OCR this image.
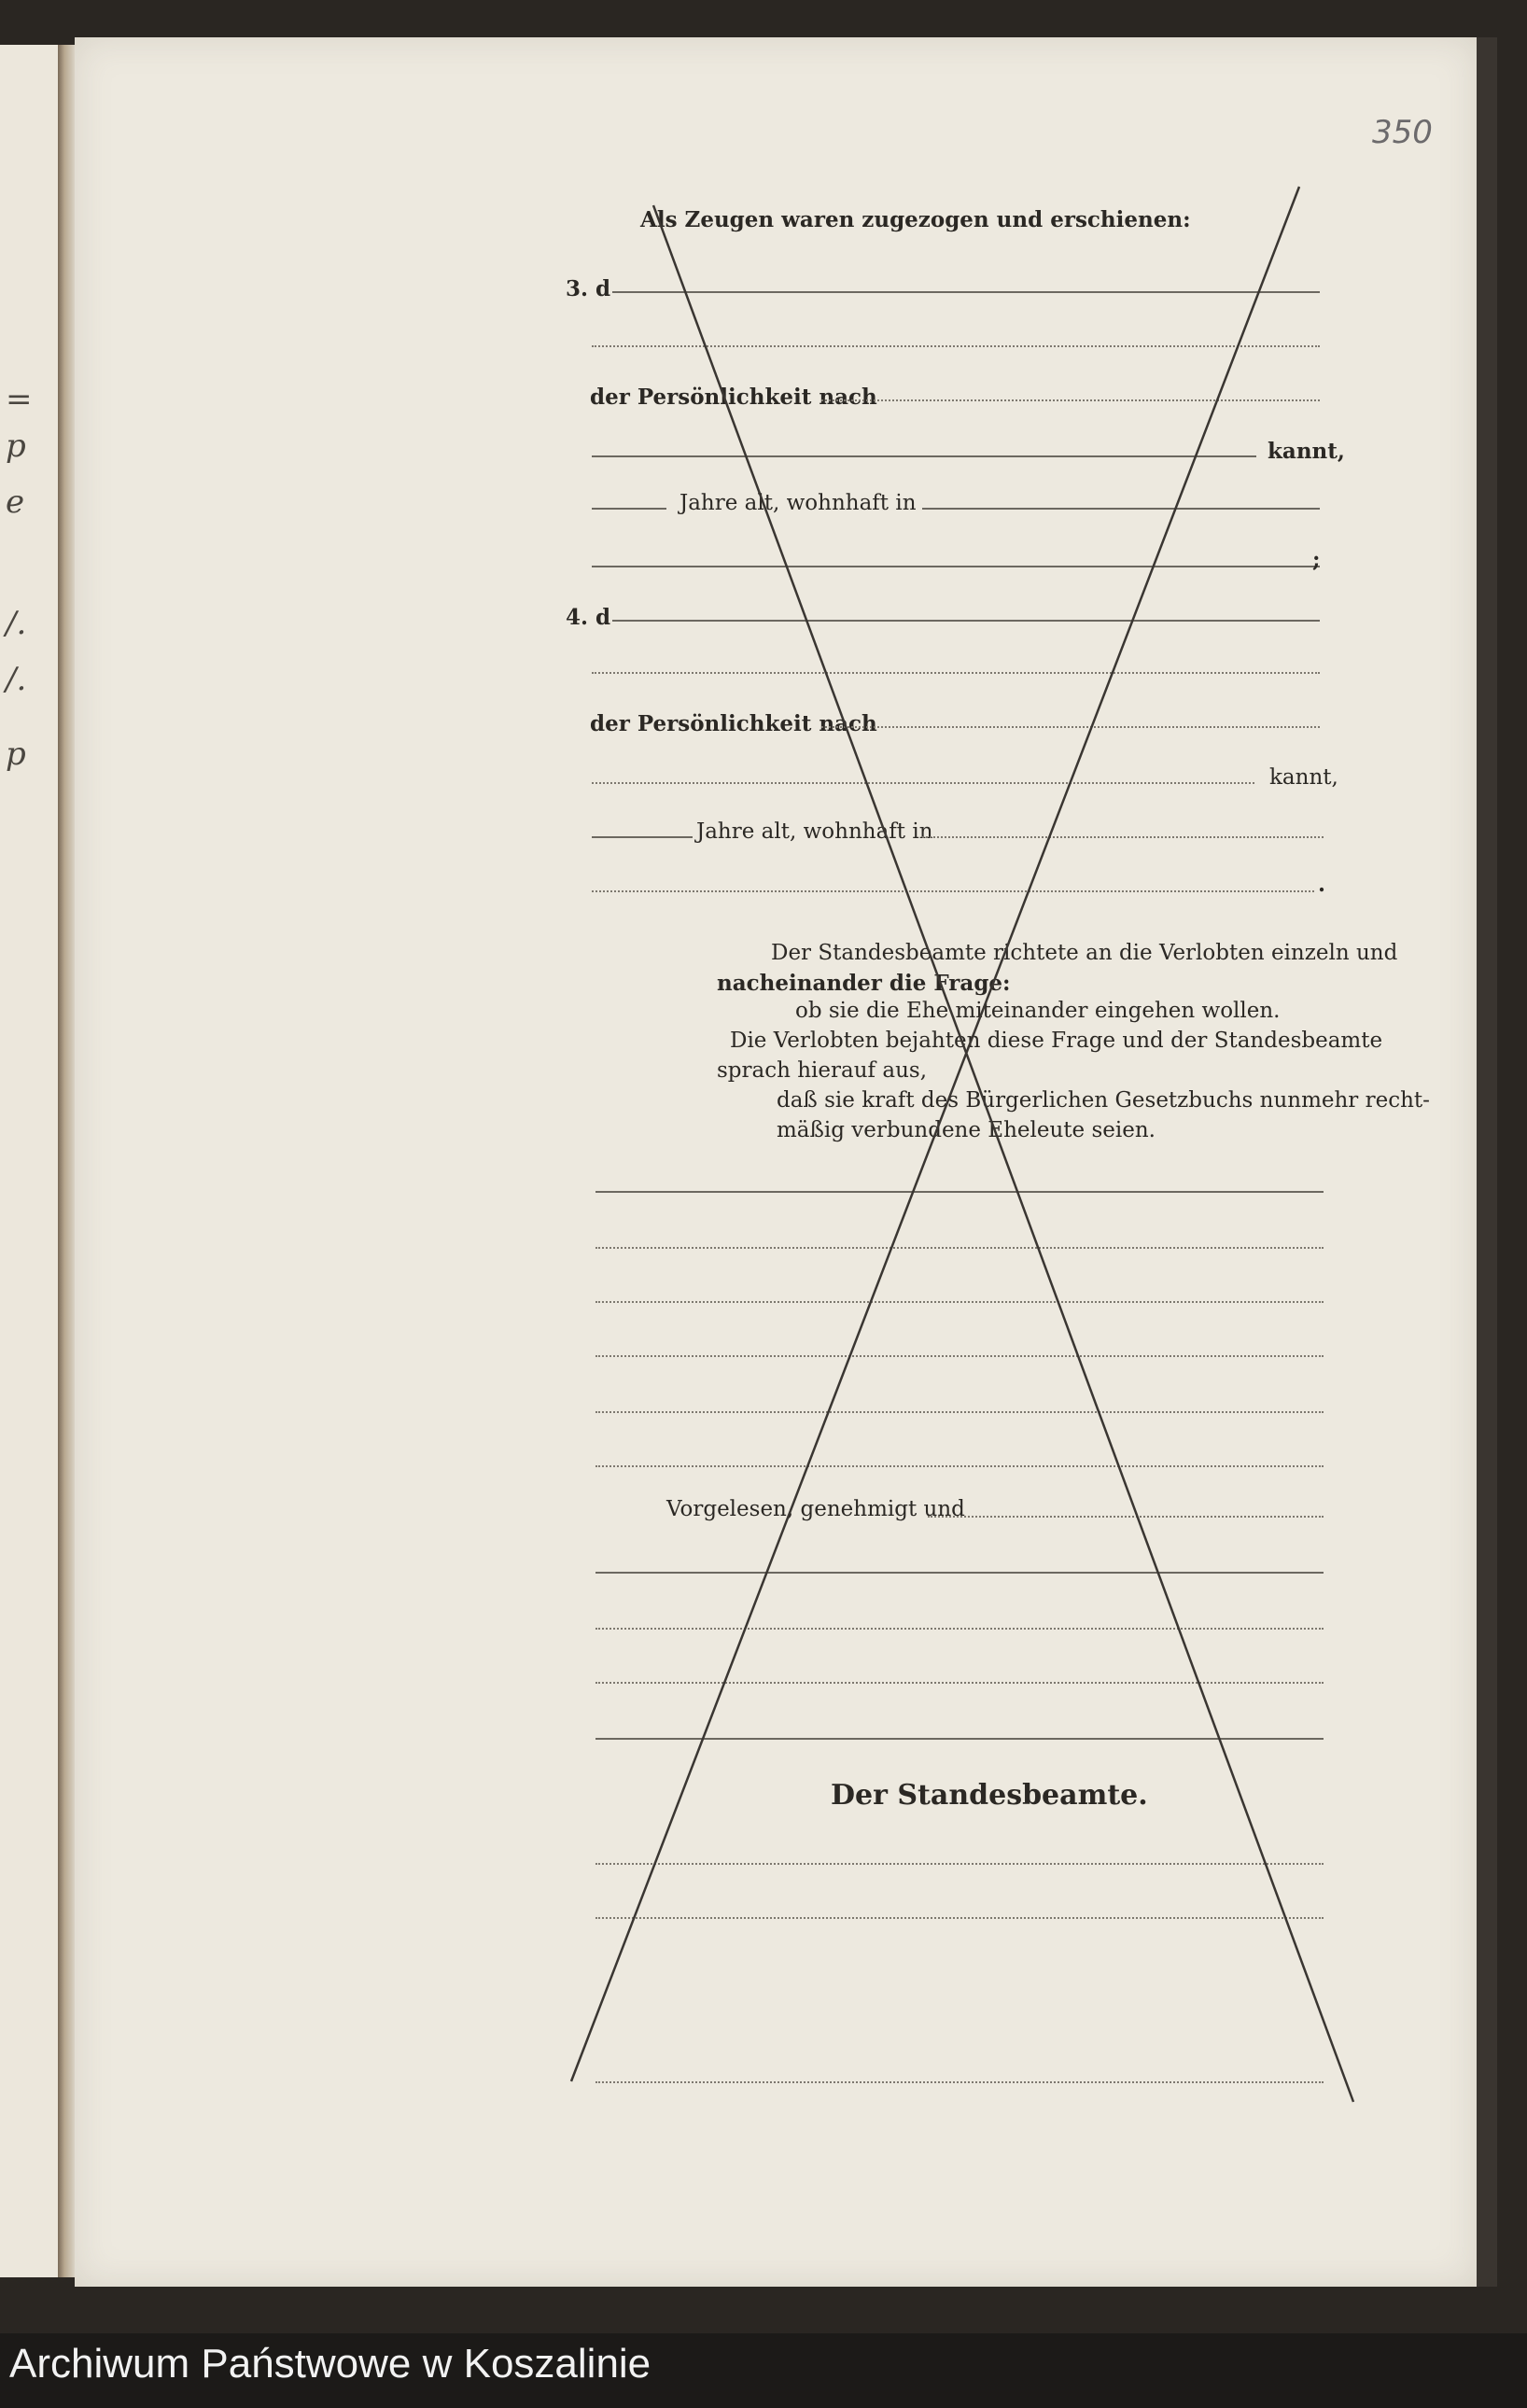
=
p
e
/.
/.
p
350
Als Zeugen waren zugezogen und erschienen:
3. d
der Persönlichkeit nach
kannt,
Jahre alt, wohnhaft in
;
4. d
der Persönlichkeit nach
kannt,
Jahre alt, wohnhaft in
.
Der Standesbeamte richtete an die Verlobten einzeln und
nacheinander die Frage:
ob sie die Ehe miteinander eingehen wollen.
Die Verlobten bejahten diese Frage und der Standesbeamte
sprach hierauf aus,
daß sie kraft des Bürgerlichen Gesetzbuchs nunmehr recht-
mäßig verbundene Eheleute seien.
Vorgelesen, genehmigt und
Der Standesbeamte.
Archiwum Państwowe w Koszalinie
